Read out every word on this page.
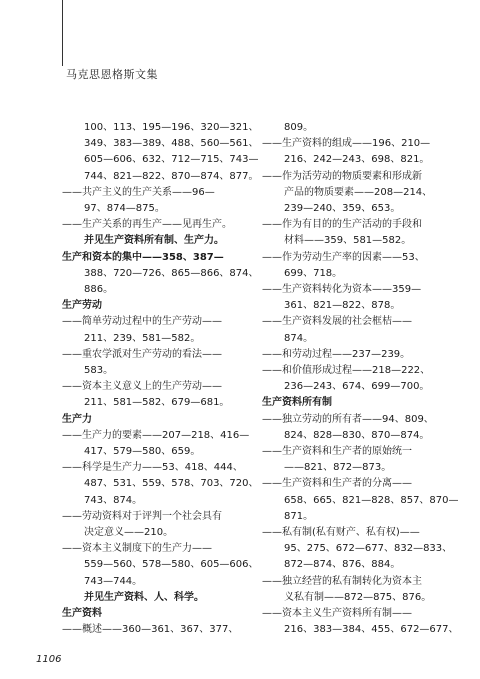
马克思恩格斯文集
100、113、195—196、320—321、
349、383—389、488、560—561、
605—606、632、712—715、743—
744、821—822、870—874、877。
——共产主义的生产关系——96—
97、874—875。
——生产关系的再生产——见再生产。
并见生产资料所有制、生产力。
生产和资本的集中——358、387—
388、720—726、865—866、874、
886。
生产劳动
——简单劳动过程中的生产劳动——
211、239、581—582。
——重农学派对生产劳动的看法——
583。
——资本主义意义上的生产劳动——
211、581—582、679—681。
生产力
——生产力的要素——207—218、416—
417、579—580、659。
——科学是生产力——53、418、444、
487、531、559、578、703、720、
743、874。
——劳动资料对于评判一个社会具有
决定意义——210。
——资本主义制度下的生产力——
559—560、578—580、605—606、
743—744。
并见生产资料、人、科学。
生产资料
——概述——360—361、367、377、
809。
——生产资料的组成——196、210—
216、242—243、698、821。
——作为活劳动的物质要素和形成新
产品的物质要素——208—214、
239—240、359、653。
——作为有目的的生产活动的手段和
材料——359、581—582。
——作为劳动生产率的因素——53、
699、718。
——生产资料转化为资本——359—
361、821—822、878。
——生产资料发展的社会框桔——
874。
——和劳动过程——237—239。
——和价值形成过程——218—222、
236—243、674、699—700。
生产资料所有制
——独立劳动的所有者——94、809、
824、828—830、870—874。
——生产资料和生产者的原始统一
——821、872—873。
——生产资料和生产者的分离——
658、665、821—828、857、870—
871。
——私有制(私有财产、私有权)——
95、275、672—677、832—833、
872—874、876、884。
——独立经营的私有制转化为资本主
义私有制——872—875、876。
——资本主义生产资料所有制——
216、383—384、455、672—677、
1106
